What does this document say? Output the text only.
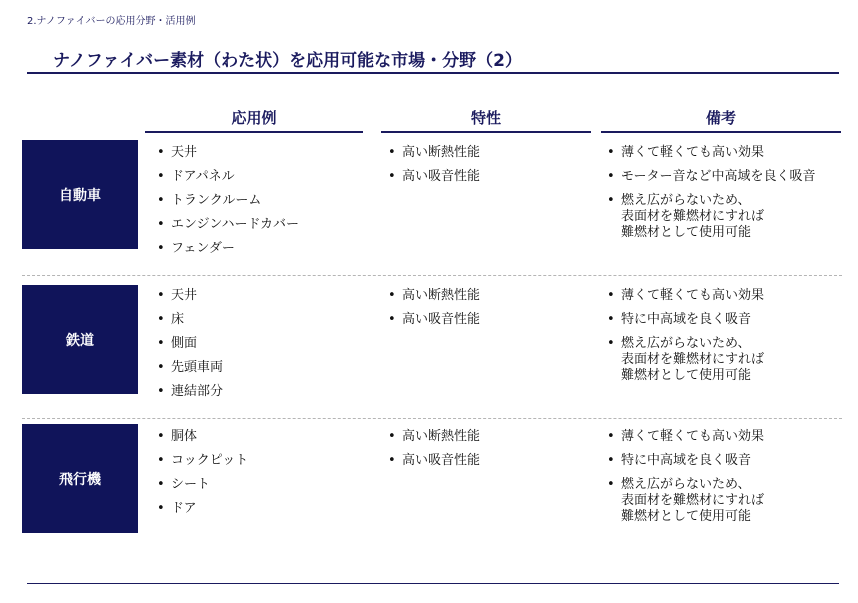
2.ナノファイバーの応用分野・活用例
ナノファイバー素材（わた状）を応用可能な市場・分野（2）
応用例	特性	備考
自動車
• 天井
• ドアパネル
• トランクルーム
• エンジンハードカバー
• フェンダー
• 高い断熱性能
• 高い吸音性能
• 薄くて軽くても高い効果
• モーター音など中高域を良く吸音
• 燃え広がらないため、
表面材を難燃材にすれば
難燃材として使用可能
鉄道
• 天井
• 床
• 側面
• 先頭車両
• 連結部分
• 高い断熱性能
• 高い吸音性能
• 薄くて軽くても高い効果
• 特に中高域を良く吸音
• 燃え広がらないため、
表面材を難燃材にすれば
難燃材として使用可能
飛行機
• 胴体
• コックピット
• シート
• ドア
• 高い断熱性能
• 高い吸音性能
• 薄くて軽くても高い効果
• 特に中高域を良く吸音
• 燃え広がらないため、
表面材を難燃材にすれば
難燃材として使用可能
